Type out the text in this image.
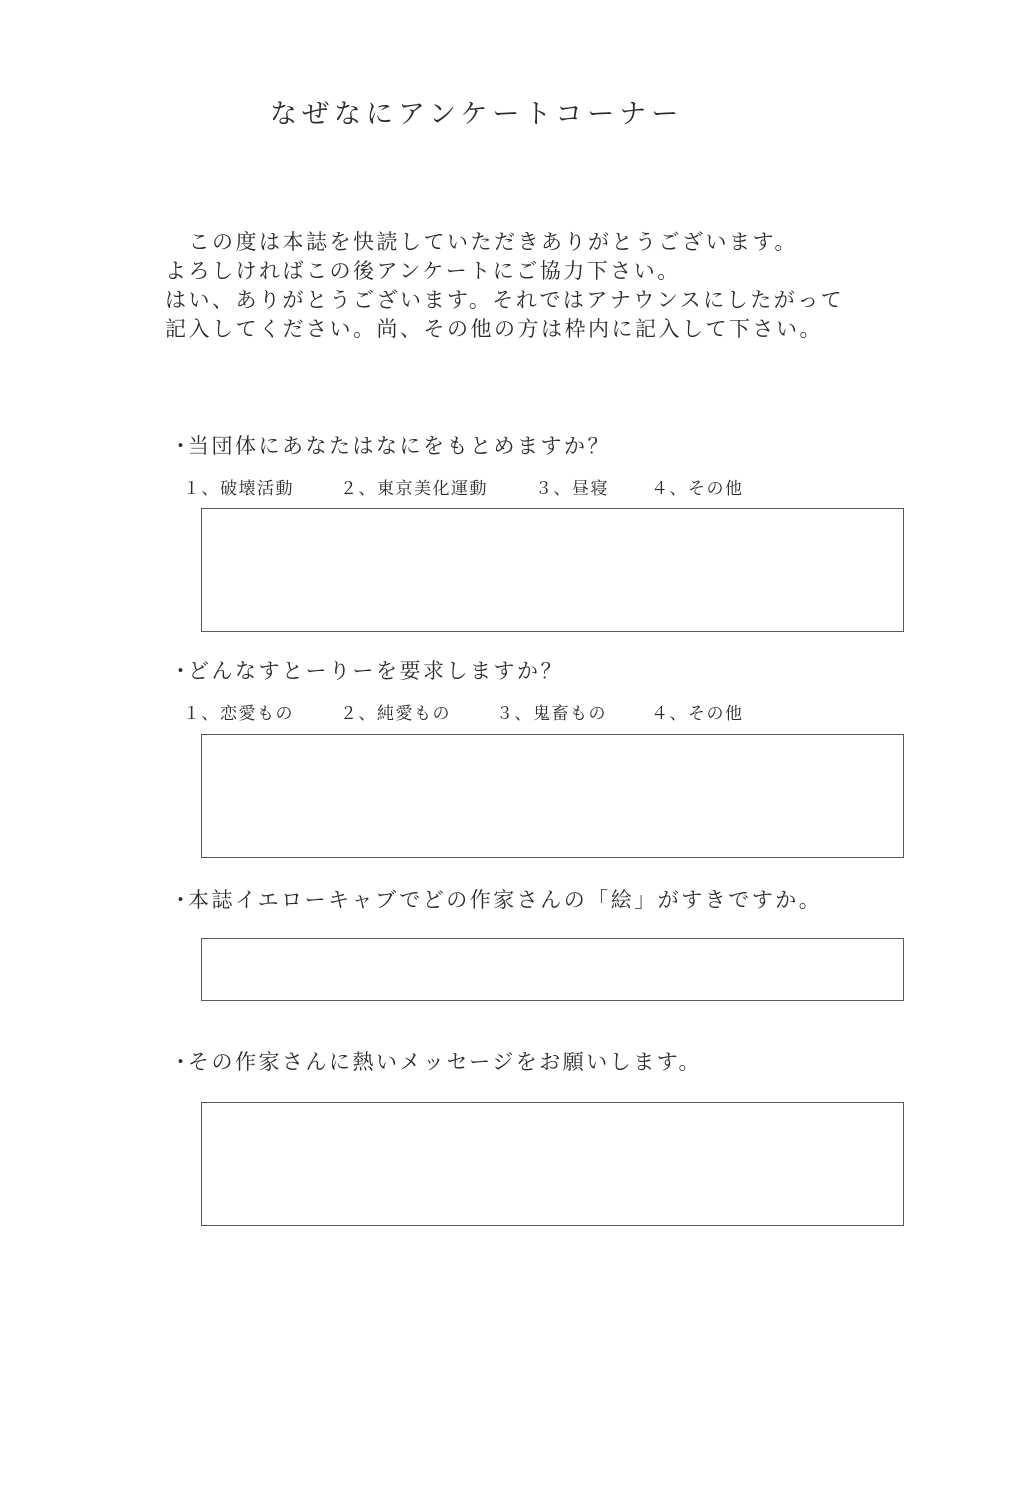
なぜなにアンケートコーナー
　この度は本誌を快読していただきありがとうございます。
よろしければこの後アンケートにご協力下さい。
はい、ありがとうございます。それではアナウンスにしたがって
記入してください。尚、その他の方は枠内に記入して下さい。
・当団体にあなたはなにをもとめますか？
１、破壊活動	２、東京美化運動	３、昼寝 ４、その他
・どんなすとーりーを要求しますか？
１、恋愛もの	２、純愛もの	３、鬼畜もの	４、その他
・本誌イエローキャブでどの作家さんの「絵」がすきですか。
・その作家さんに熱いメッセージをお願いします。
